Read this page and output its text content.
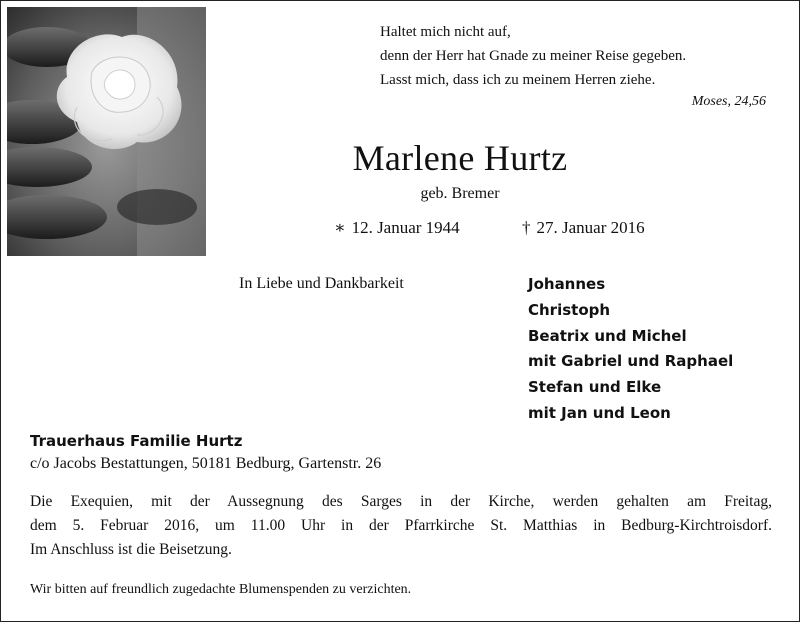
Haltet mich nicht auf,
denn der Herr hat Gnade zu meiner Reise gegeben.
Lasst mich, dass ich zu meinem Herren ziehe.
Moses, 24,56
Marlene Hurtz
geb. Bremer
∗ 12. Januar 1944	† 27. Januar 2016
In Liebe und Dankbarkeit	Johannes
Christoph
Beatrix und Michel
mit Gabriel und Raphael
Stefan und Elke
mit Jan und Leon
Trauerhaus Familie Hurtz
c/o Jacobs Bestattungen, 50181 Bedburg, Gartenstr. 26
Die Exequien, mit der Aussegnung des Sarges in der Kirche, werden gehalten am Freitag,
dem 5. Februar 2016, um 11.00 Uhr in der Pfarrkirche St. Matthias in Bedburg-Kirchtroisdorf.
Im Anschluss ist die Beisetzung.
Wir bitten auf freundlich zugedachte Blumenspenden zu verzichten.
